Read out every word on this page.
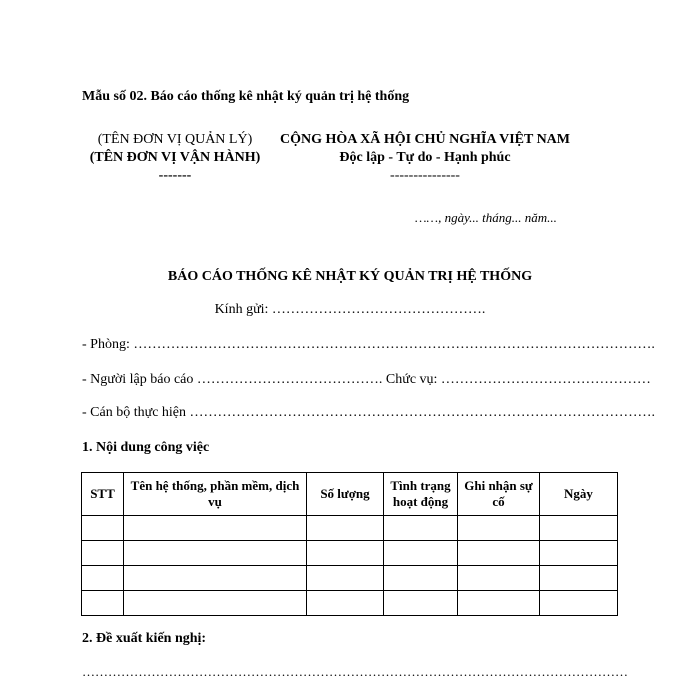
Mẫu số 02. Báo cáo thống kê nhật ký quản trị hệ thống
(TÊN ĐƠN VỊ QUẢN LÝ)
(TÊN ĐƠN VỊ VẬN HÀNH)
-------
CỘNG HÒA XÃ HỘI CHỦ NGHĨA VIỆT NAM
Độc lập - Tự do - Hạnh phúc
---------------
……, ngày... tháng... năm...
BÁO CÁO THỐNG KÊ NHẬT KÝ QUẢN TRỊ HỆ THỐNG
Kính gửi: ……………………………………….
- Phòng: ………………………………………………………………………………………………….
- Người lập báo cáo …………………………………. Chức vụ: ………………………………………
- Cán bộ thực hiện ……………………………………………………………………………………….
1. Nội dung công việc
STT	Tên hệ thống, phần mềm, dịch vụ	Số lượng	Tình trạng hoạt động	Ghi nhận sự cố	Ngày

2. Đề xuất kiến nghị:
………………………………………………………………………………………………………………
